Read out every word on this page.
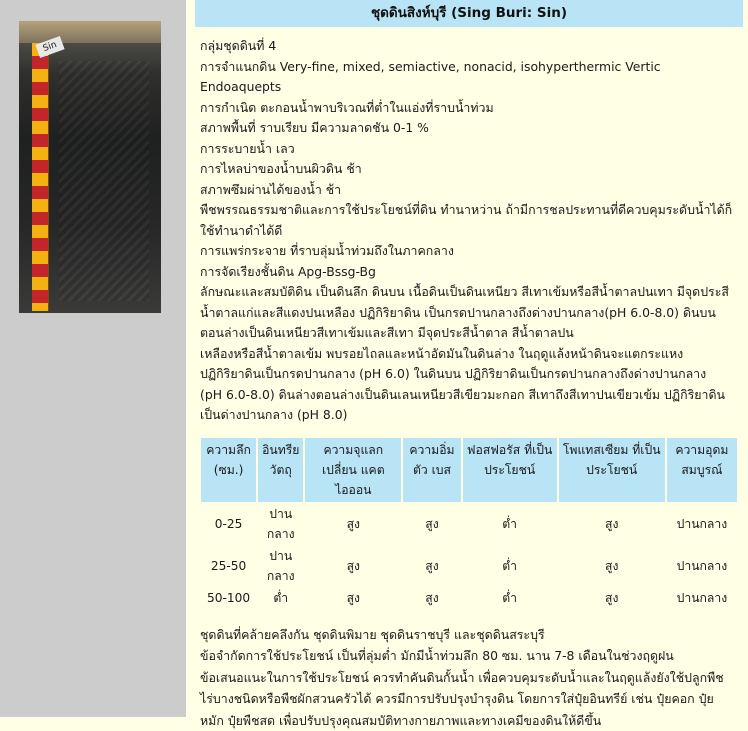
Sin
ชุดดินสิงห์บุรี (Sing Buri: Sin)
กลุ่มชุดดินที่ 4
การจำแนกดิน Very-fine, mixed, semiactive, nonacid, isohyperthermic Vertic
Endoaquepts
การกำเนิด ตะกอนน้ำพาบริเวณที่ต่ำในแอ่งที่ราบน้ำท่วม
สภาพพื้นที่ ราบเรียบ มีความลาดชัน 0-1 %
การระบายน้ำ เลว
การไหลบ่าของน้ำบนผิวดิน ช้า
สภาพซึมผ่านได้ของน้ำ ช้า
พืชพรรณธรรมชาติและการใช้ประโยชน์ที่ดิน ทำนาหว่าน ถ้ามีการชลประทานที่ดีควบคุมระดับน้ำได้ก็
ใช้ทำนาดำได้ดี
การแพร่กระจาย ที่ราบลุ่มน้ำท่วมถึงในภาคกลาง
การจัดเรียงชั้นดิน Apg-Bssg-Bg
ลักษณะและสมบัติดิน เป็นดินลึก ดินบน เนื้อดินเป็นดินเหนียว สีเทาเข้มหรือสีน้ำตาลปนเทา มีจุดประสี
น้ำตาลแก่และสีแดงปนเหลือง ปฏิกิริยาดิน เป็นกรดปานกลางถึงด่างปานกลาง(pH 6.0-8.0) ดินบน
ตอนล่างเป็นดินเหนียวสีเทาเข้มและสีเทา มีจุดประสีน้ำตาล สีน้ำตาลปน
เหลืองหรือสีน้ำตาลเข้ม พบรอยไถลและหน้าอัดมันในดินล่าง ในฤดูแล้งหน้าดินจะแตกระแหง
ปฏิกิริยาดินเป็นกรดปานกลาง (pH 6.0) ในดินบน ปฏิกิริยาดินเป็นกรดปานกลางถึงด่างปานกลาง
(pH 6.0-8.0) ดินล่างตอนล่างเป็นดินเลนเหนียวสีเขียวมะกอก สีเทาถึงสีเทาปนเขียวเข้ม ปฏิกิริยาดิน
เป็นด่างปานกลาง (pH 8.0)
ความลึก (ซม.)	อินทรีย วัตถุ	ความจุแลก เปลี่ยน แคตไอออน	ความอิ่มตัว เบส	ฟอสฟอรัส ที่เป็นประโยชน์	โพแทสเซียม ที่เป็นประโยชน์	ความอุดม สมบูรณ์
0-25	ปานกลาง	สูง	สูง	ต่ำ	สูง	ปานกลาง
25-50	ปานกลาง	สูง	สูง	ต่ำ	สูง	ปานกลาง
50-100	ต่ำ	สูง	สูง	ต่ำ	สูง	ปานกลาง
ชุดดินที่คล้ายคลึงกัน ชุดดินพิมาย ชุดดินราชบุรี และชุดดินสระบุรี
ข้อจำกัดการใช้ประโยชน์ เป็นที่ลุ่มต่ำ มักมีน้ำท่วมลึก 80 ซม. นาน 7-8 เดือนในช่วงฤดูฝน
ข้อเสนอแนะในการใช้ประโยชน์ ควรทำคันดินกั้นน้ำ เพื่อควบคุมระดับน้ำและในฤดูแล้งยังใช้ปลูกพืช
ไร่บางชนิดหรือพืชผักสวนครัวได้ ควรมีการปรับปรุงบำรุงดิน โดยการใส่ปุ๋ยอินทรีย์ เช่น ปุ๋ยคอก ปุ๋ย
หมัก ปุ๋ยพืชสด เพื่อปรับปรุงคุณสมบัติทางกายภาพและทางเคมีของดินให้ดีขึ้น
